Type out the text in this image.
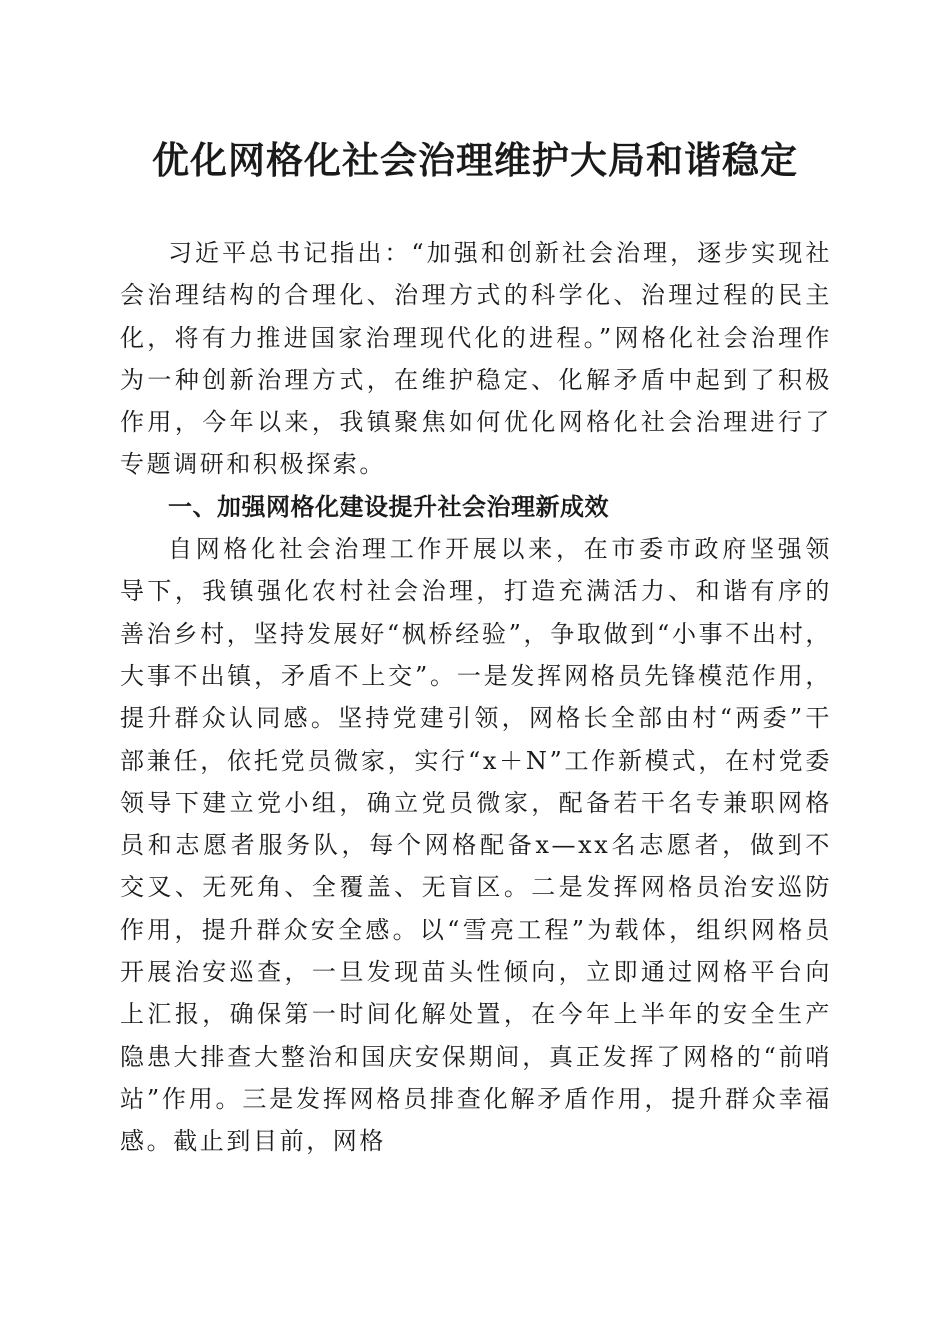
优化网格化社会治理维护大局和谐稳定

习近平总书记指出：“加强和创新社会治理，逐步实现社会治理结构的合理化、治理方式的科学化、治理过程的民主化，将有力推进国家治理现代化的进程。”网格化社会治理作为一种创新治理方式，在维护稳定、化解矛盾中起到了积极作用，今年以来，我镇聚焦如何优化网格化社会治理进行了专题调研和积极探索。

一、加强网格化建设提升社会治理新成效

自网格化社会治理工作开展以来，在市委市政府坚强领导下，我镇强化农村社会治理，打造充满活力、和谐有序的善治乡村，坚持发展好“枫桥经验”，争取做到“小事不出村，大事不出镇，矛盾不上交”。一是发挥网格员先锋模范作用，提升群众认同感。坚持党建引领，网格长全部由村“两委”干部兼任，依托党员微家，实行“x＋N”工作新模式，在村党委领导下建立党小组，确立党员微家，配备若干名专兼职网格员和志愿者服务队，每个网格配备x—xx名志愿者，做到不交叉、无死角、全覆盖、无盲区。二是发挥网格员治安巡防作用，提升群众安全感。以“雪亮工程”为载体，组织网格员开展治安巡查，一旦发现苗头性倾向，立即通过网格平台向上汇报，确保第一时间化解处置，在今年上半年的安全生产隐患大排查大整治和国庆安保期间，真正发挥了网格的“前哨站”作用。三是发挥网格员排查化解矛盾作用，提升群众幸福感。截止到目前，网格
